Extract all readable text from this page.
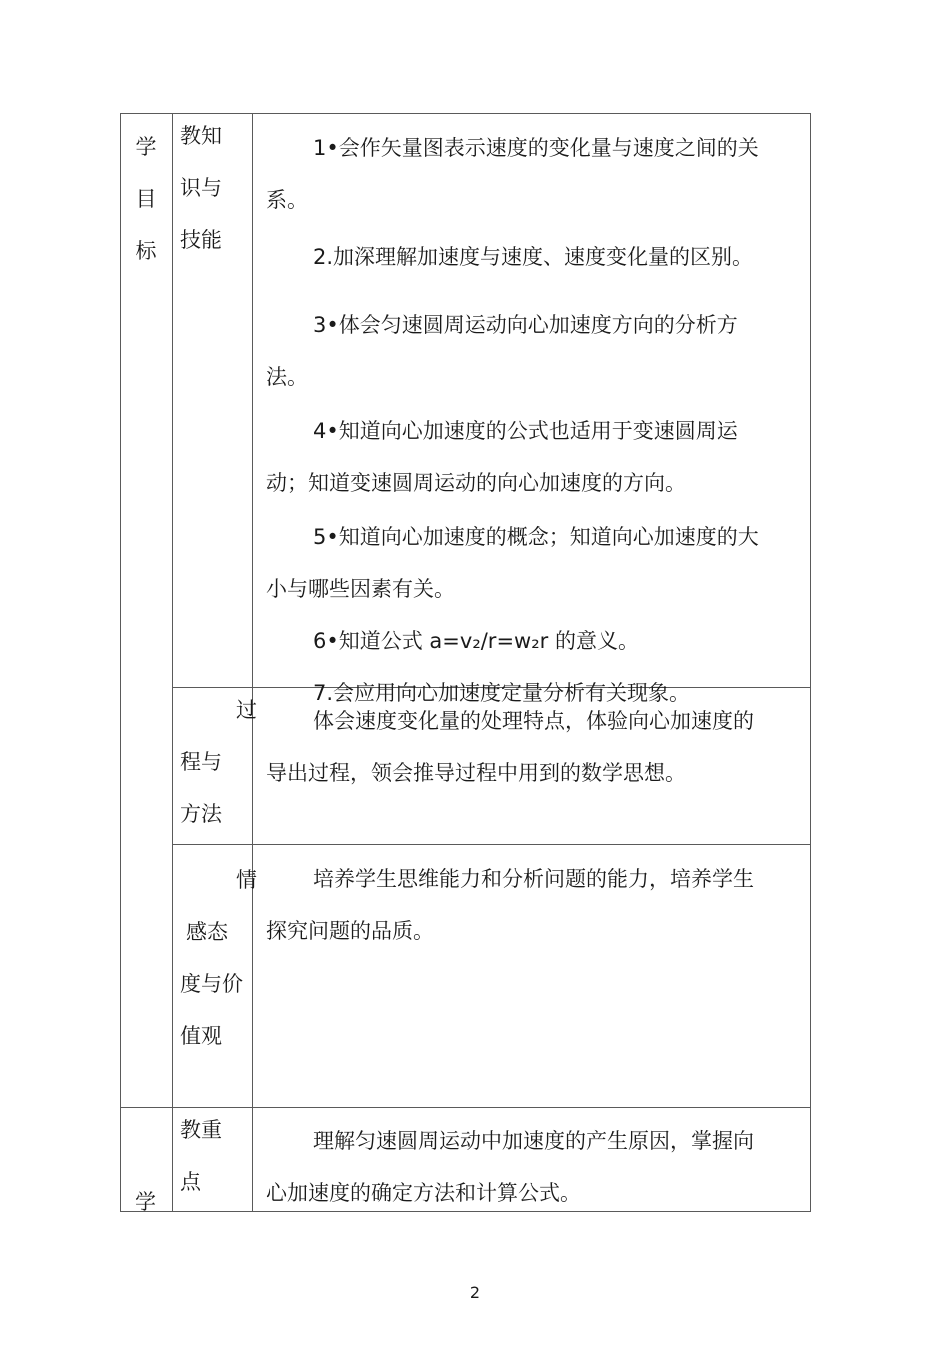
学
目
标
教知
识与
技能
1•会作矢量图表示速度的变化量与速度之间的关
系。
2.加深理解加速度与速度、速度变化量的区别。
3•体会匀速圆周运动向心加速度方向的分析方
法。
4•知道向心加速度的公式也适用于变速圆周运
动；知道变速圆周运动的向心加速度的方向。
5•知道向心加速度的概念；知道向心加速度的大
小与哪些因素有关。
6•知道公式 a=v₂/r=w₂r 的意义。
7.会应用向心加速度定量分析有关现象。
过
程与
方法
体会速度变化量的处理特点，体验向心加速度的
导出过程，领会推导过程中用到的数学思想。
情
感态
度与价
值观
培养学生思维能力和分析问题的能力，培养学生
探究问题的品质。
学
教重
点
理解匀速圆周运动中加速度的产生原因，掌握向
心加速度的确定方法和计算公式。
2
